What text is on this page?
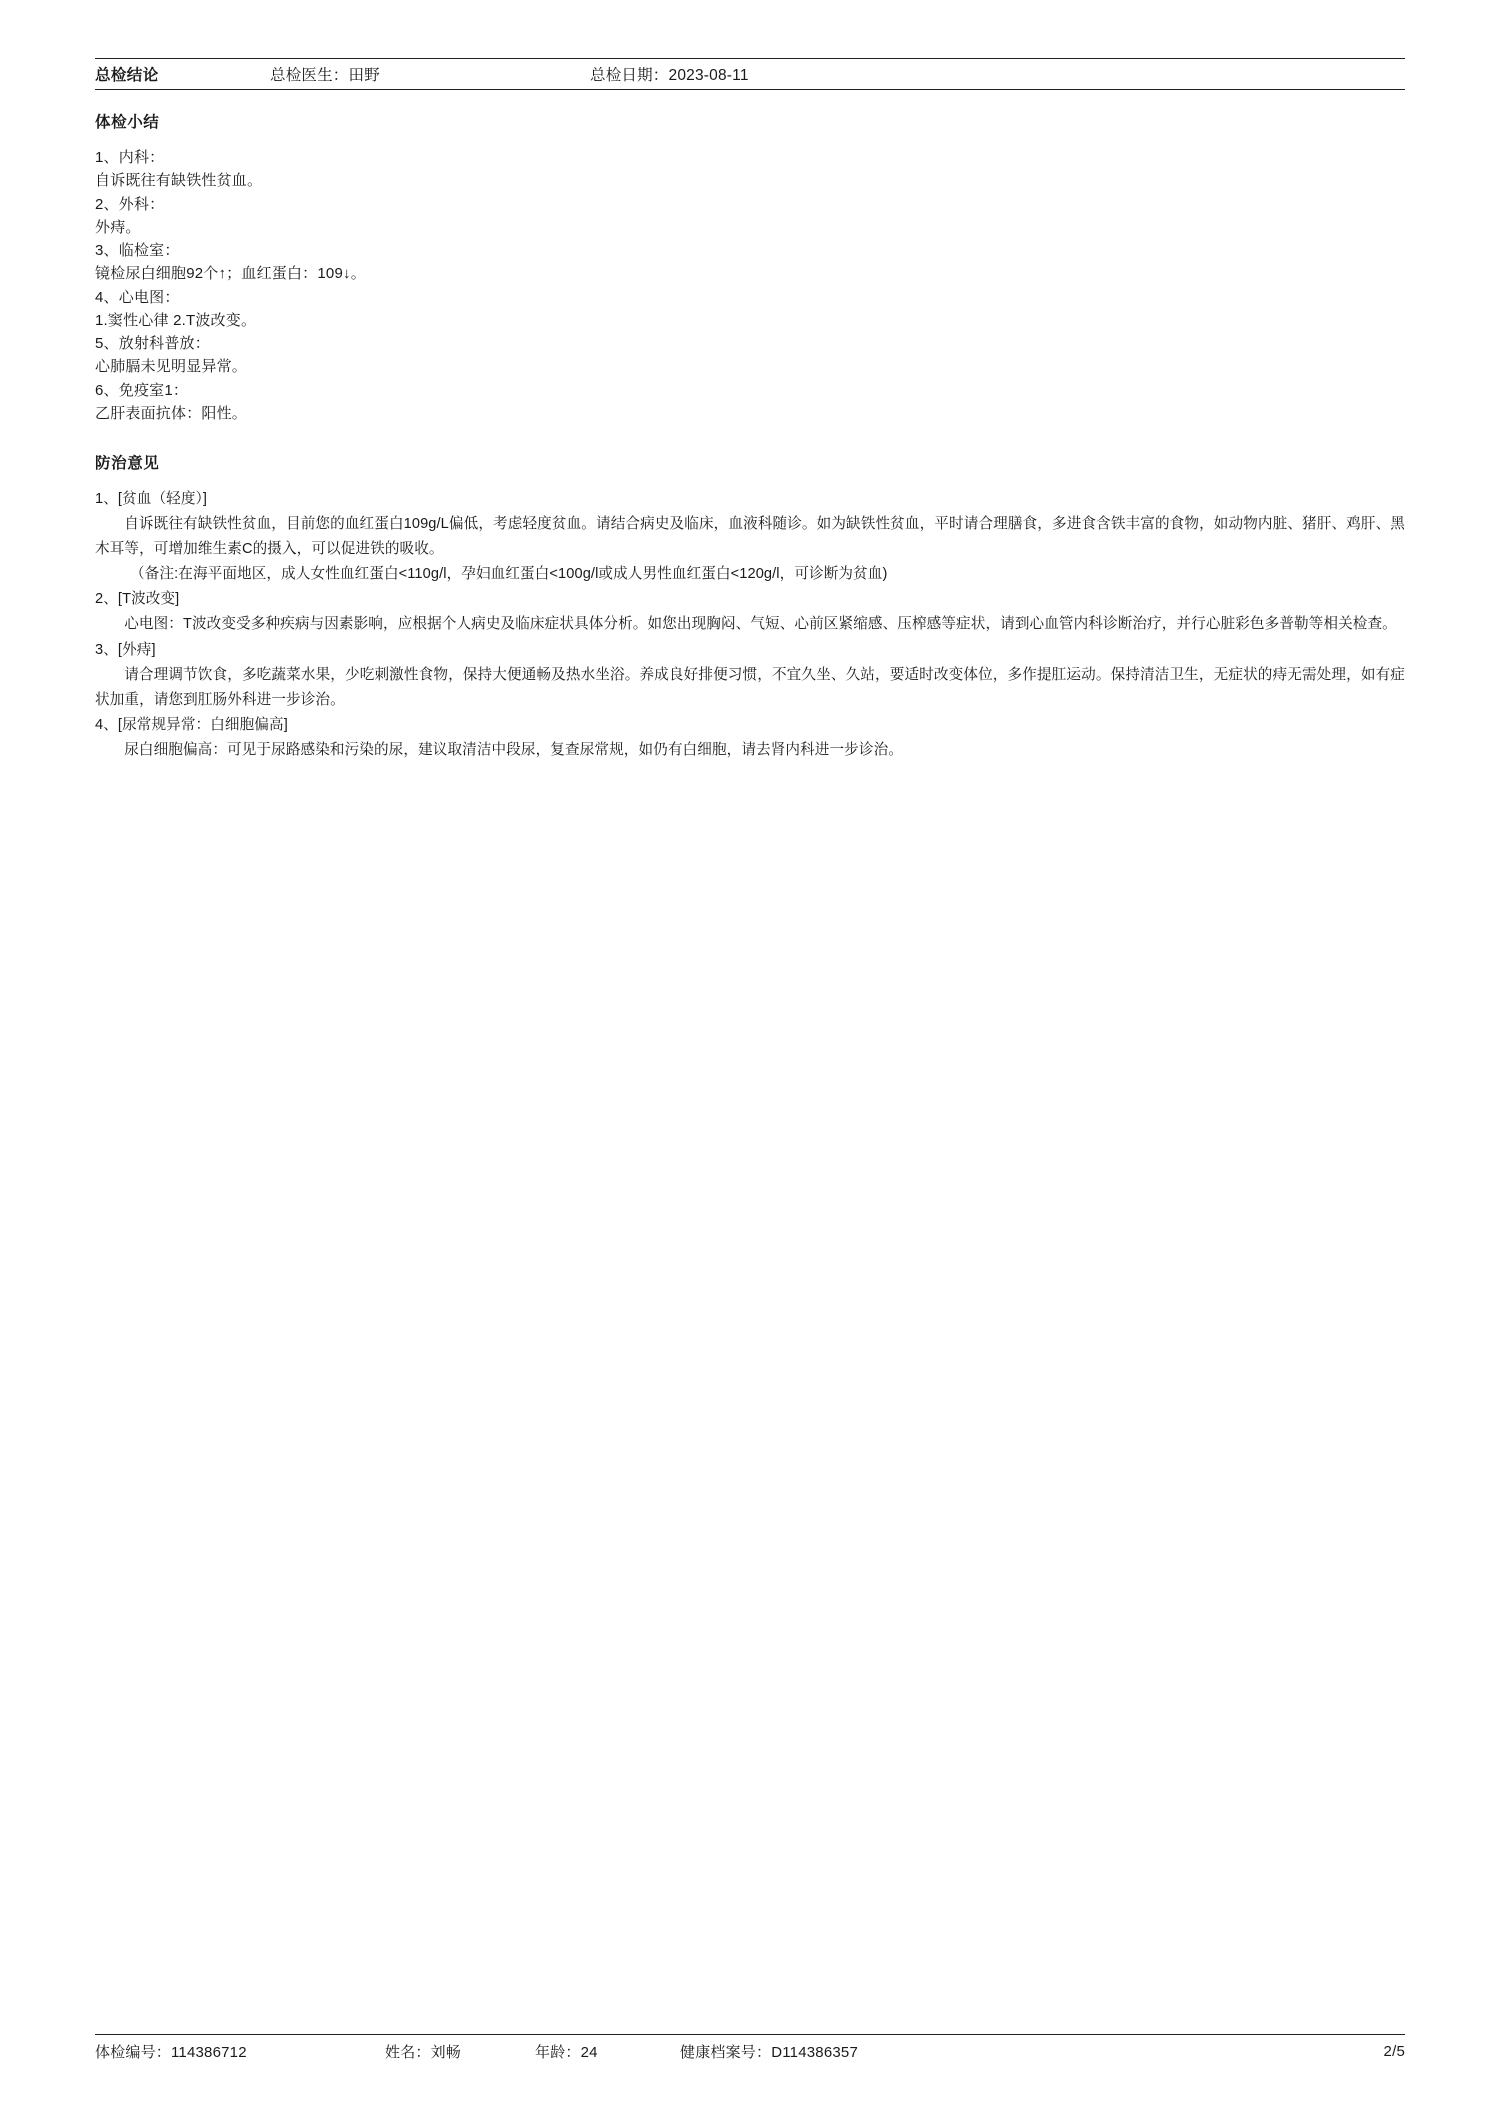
总检结论	总检医生：田野	总检日期：2023-08-11
体检小结
1、内科：
自诉既往有缺铁性贫血。
2、外科：
外痔。
3、临检室：
镜检尿白细胞92个↑；血红蛋白：109↓。
4、心电图：
1.窦性心律 2.T波改变。
5、放射科普放：
心肺膈未见明显异常。
6、免疫室1：
乙肝表面抗体：阳性。
防治意见
1、[贫血（轻度）]
自诉既往有缺铁性贫血，目前您的血红蛋白109g/L偏低，考虑轻度贫血。请结合病史及临床，血液科随诊。如为缺铁性贫血，平时请合理膳食，多进食含铁丰富的食物，如动物内脏、猪肝、鸡肝、黑木耳等，可增加维生素C的摄入，可以促进铁的吸收。
（备注:在海平面地区，成人女性血红蛋白<110g/l，孕妇血红蛋白<100g/l或成人男性血红蛋白<120g/l，可诊断为贫血)
2、[T波改变]
心电图：T波改变受多种疾病与因素影响，应根据个人病史及临床症状具体分析。如您出现胸闷、气短、心前区紧缩感、压榨感等症状，请到心血管内科诊断治疗，并行心脏彩色多普勒等相关检查。
3、[外痔]
请合理调节饮食，多吃蔬菜水果，少吃刺激性食物，保持大便通畅及热水坐浴。养成良好排便习惯，不宜久坐、久站，要适时改变体位，多作提肛运动。保持清洁卫生，无症状的痔无需处理，如有症状加重，请您到肛肠外科进一步诊治。
4、[尿常规异常：白细胞偏高]
尿白细胞偏高：可见于尿路感染和污染的尿，建议取清洁中段尿，复查尿常规，如仍有白细胞，请去肾内科进一步诊治。
体检编号：114386712	姓名：刘畅	年龄：24	健康档案号：D114386357	2/5
